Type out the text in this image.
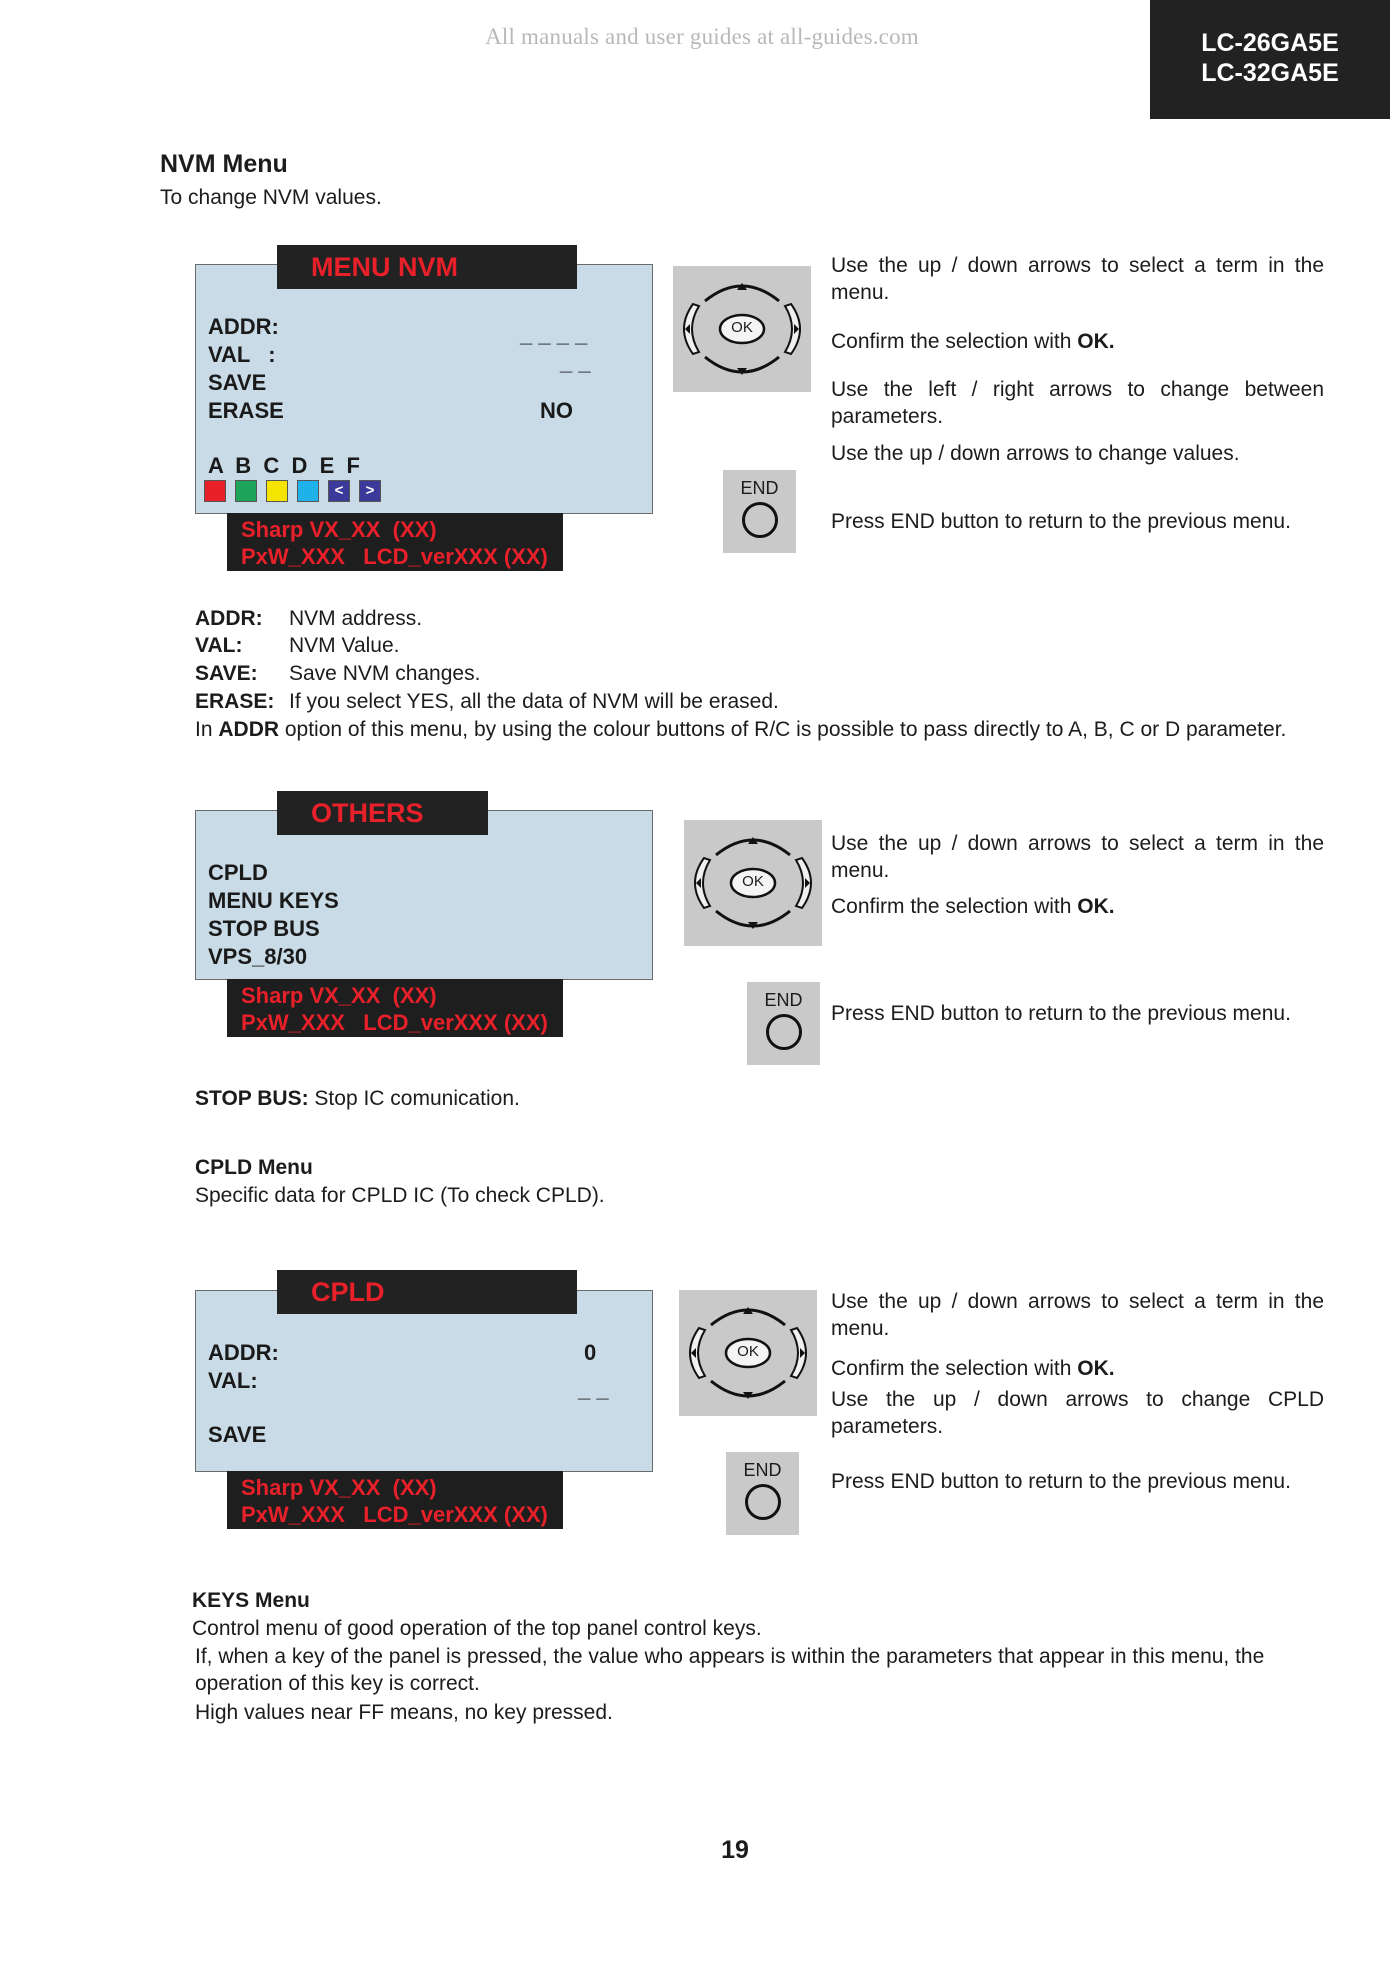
All manuals and user guides at all-guides.com	LC-26GA5E
LC-32GA5E
NVM Menu
To change NVM values.
MENU NVM
ADDR:	_ _ _ _
VAL   :	_ _
SAVE
ERASE	NO
A  B  C  D  E  F
<	>
Sharp VX_XX  (XX)
PxW_XXX   LCD_verXXX (XX)
OK
END
Use the up / down arrows to select a term in the menu.
Confirm the selection with OK.
Use the left / right arrows to change between parameters.
Use the up / down arrows to change values.
Press END button to return to the previous menu.
ADDR: NVM address.
VAL: NVM Value.
SAVE: Save NVM changes.
ERASE: If you select YES, all the data of NVM will be erased.
In ADDR option of this menu, by using the colour buttons of R/C is possible to pass directly to A, B, C or D parameter.
OTHERS
CPLD
MENU KEYS
STOP BUS
VPS_8/30
Sharp VX_XX  (XX)
PxW_XXX   LCD_verXXX (XX)
OK
END
Use the up / down arrows to select a term in the menu.
Confirm the selection with OK.
Press END button to return to the previous menu.
STOP BUS: Stop IC comunication.
CPLD Menu
Specific data for CPLD IC (To check CPLD).
CPLD
ADDR:	0
VAL:	_ _
SAVE
Sharp VX_XX  (XX)
PxW_XXX   LCD_verXXX (XX)
OK
END
Use the up / down arrows to select a term in the menu.
Confirm the selection with OK.
Use the up / down arrows to change CPLD parameters.
Press END button to return to the previous menu.
KEYS Menu
Control menu of good operation of the top panel control keys.
If, when a key of the panel is pressed, the value who appears is within the parameters that appear in this menu, the operation of this key is correct.
High values near FF means, no key pressed.
19
